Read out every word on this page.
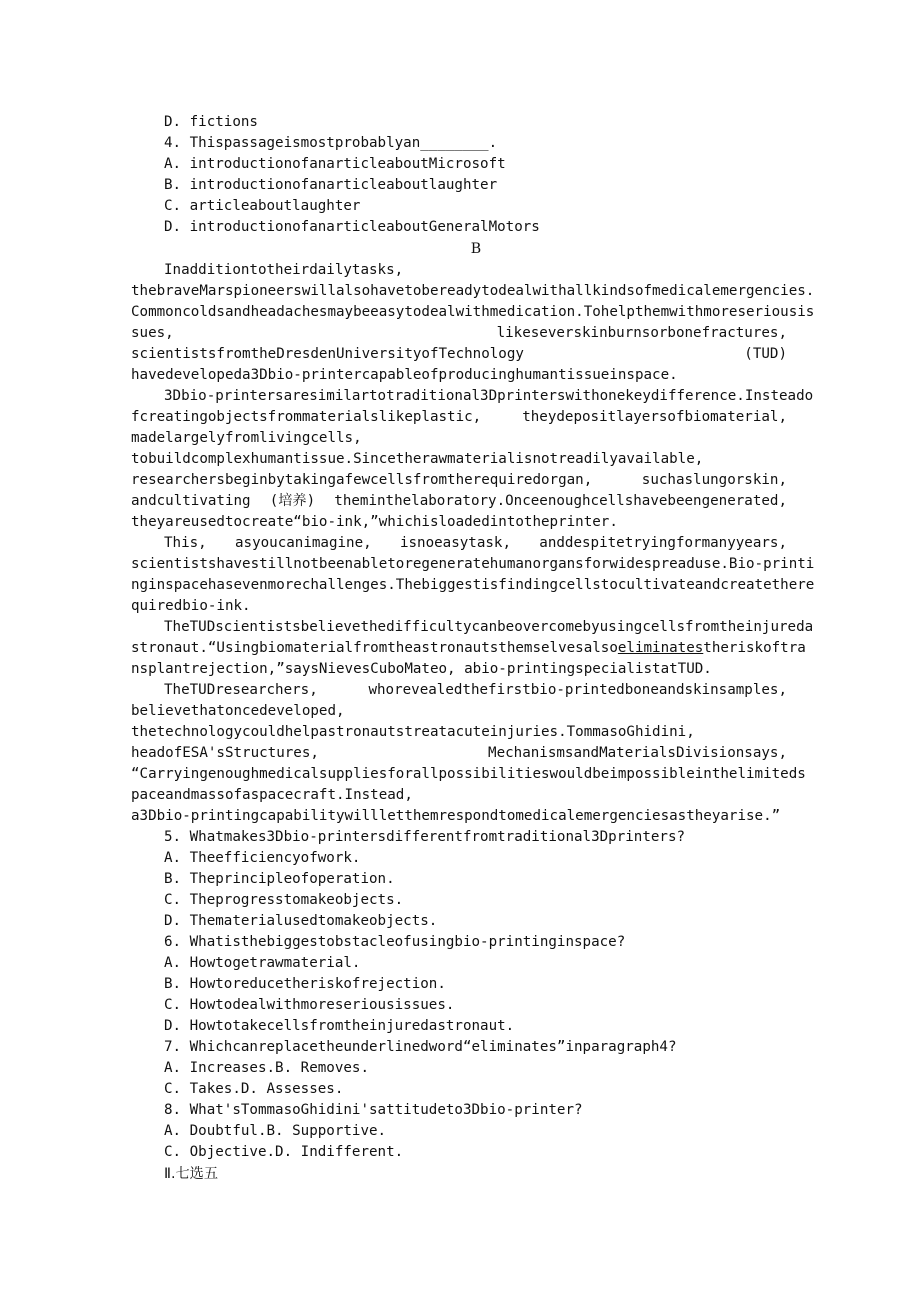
D. fictions

4. Thispassageismostprobablyan________.

A. introductionofanarticleaboutMicrosoft

B. introductionofanarticleaboutlaughter

C. articleaboutlaughter

D. introductionofanarticleaboutGeneralMotors

B

Inadditiontotheirdailytasks,

thebraveMarspioneerswillalsohavetobereadytodealwithallkindsofmedicalemergencies.

Commoncoldsandheadachesmaybeeasytodealwithmedication.Tohelpthemwithmoreseriousis

sues,	likeseverskinburnsorbonefractures,
scientistsfromtheDresdenUniversityofTechnology	(TUD)

havedevelopeda3Dbio-printercapableofproducinghumantissueinspace.

3Dbio-printersaresimilartotraditional3Dprinterswithonekeydifference.Insteado

fcreatingobjectsfrommaterialslikeplastic,	theydepositlayersofbiomaterial,

madelargelyfromlivingcells,

tobuildcomplexhumantissue.Sincetherawmaterialisnotreadilyavailable,

researchersbeginbytakingafewcellsfromtherequiredorgan,	suchaslungorskin,
andcultivating (培养) theminthelaboratory.Onceenoughcellshavebeengenerated,

theyareusedtocreate“bio-ink,”whichisloadedintotheprinter.

This, asyoucanimagine, isnoeasytask, anddespitetryingformanyyears,

scientistshavestillnotbeenabletoregeneratehumanorgansforwidespreaduse.Bio-printi

nginspacehasevenmorechallenges.Thebiggestisfindingcellstocultivateandcreatethere

quiredbio-ink.

TheTUDscientistsbelievethedifficultycanbeovercomebyusingcellsfromtheinjureda

stronaut.“Usingbiomaterialfromtheastronautsthemselvesalsoeliminatestheriskoftra

nsplantrejection,”saysNievesCuboMateo, abio-printingspecialistatTUD.

TheTUDresearchers,	whorevealedthefirstbio-printedboneandskinsamples,

believethatoncedeveloped,

thetechnologycouldhelpastronautstreatacuteinjuries.TommasoGhidini,

headofESA'sStructures,	MechanismsandMaterialsDivisionsays,

“Carryingenoughmedicalsuppliesforallpossibilitieswouldbeimpossibleinthelimiteds

paceandmassofaspacecraft.Instead,

a3Dbio-printingcapabilitywillletthemrespondtomedicalemergenciesastheyarise.”

5. Whatmakes3Dbio-printersdifferentfromtraditional3Dprinters?

A. Theefficiencyofwork.

B. Theprincipleofoperation.

C. Theprogresstomakeobjects.

D. Thematerialusedtomakeobjects.

6. Whatisthebiggestobstacleofusingbio-printinginspace?

A. Howtogetrawmaterial.

B. Howtoreducetheriskofrejection.

C. Howtodealwithmoreseriousissues.

D. Howtotakecellsfromtheinjuredastronaut.

7. Whichcanreplacetheunderlinedword“eliminates”inparagraph4?

A. Increases.B. Removes.

C. Takes.D. Assesses.

8. What'sTommasoGhidini'sattitudeto3Dbio-printer?

A. Doubtful.B. Supportive.

C. Objective.D. Indifferent.

Ⅱ.七选五
